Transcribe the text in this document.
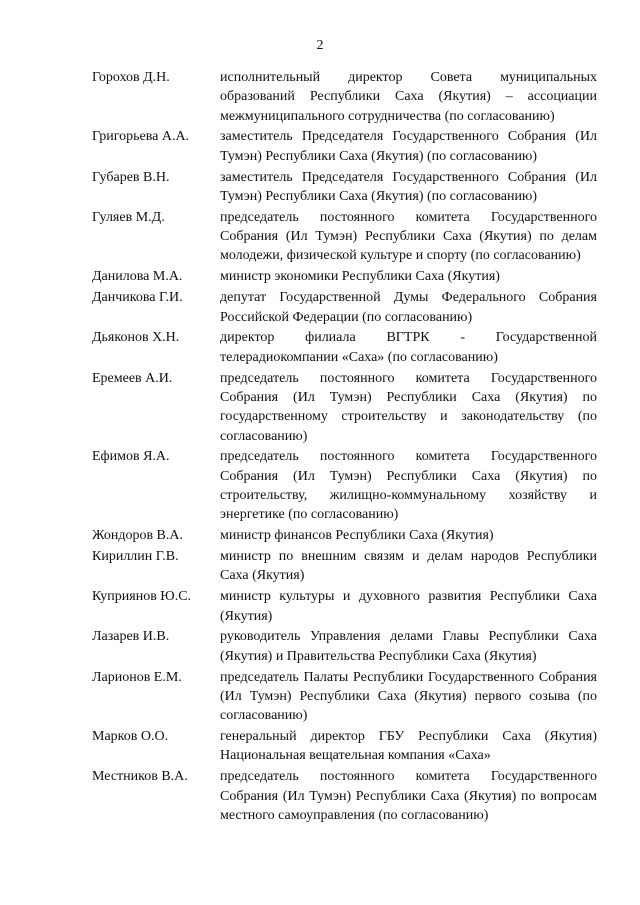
2
Горохов Д.Н.	исполнительный директор Совета муниципальных образований Республики Саха (Якутия) – ассоциации межмуниципального сотрудничества (по согласованию)
Григорьева А.А.	заместитель Председателя Государственного Собрания (Ил Тумэн) Республики Саха (Якутия) (по согласованию)
Губарев В.Н.	заместитель Председателя Государственного Собрания (Ил Тумэн) Республики Саха (Якутия) (по согласованию)
Гуляев М.Д.	председатель постоянного комитета Государственного Собрания (Ил Тумэн) Республики Саха (Якутия) по делам молодежи, физической культуре и спорту (по согласованию)
Данилова М.А.	министр экономики Республики Саха (Якутия)
Данчикова Г.И.	депутат Государственной Думы Федерального Собрания Российской Федерации (по согласованию)
Дьяконов Х.Н.	директор филиала ВГТРК - Государственной телерадиокомпании «Саха» (по согласованию)
Еремеев А.И.	председатель постоянного комитета Государственного Собрания (Ил Тумэн) Республики Саха (Якутия) по государственному строительству и законодательству (по согласованию)
Ефимов Я.А.	председатель постоянного комитета Государственного Собрания (Ил Тумэн) Республики Саха (Якутия) по строительству, жилищно-коммунальному хозяйству и энергетике (по согласованию)
Жондоров В.А.	министр финансов Республики Саха (Якутия)
Кириллин Г.В.	министр по внешним связям и делам народов Республики Саха (Якутия)
Куприянов Ю.С.	министр культуры и духовного развития Республики Саха (Якутия)
Лазарев И.В.	руководитель Управления делами Главы Республики Саха (Якутия) и Правительства Республики Саха (Якутия)
Ларионов Е.М.	председатель Палаты Республики Государственного Собрания (Ил Тумэн) Республики Саха (Якутия) первого созыва (по согласованию)
Марков О.О.	генеральный директор ГБУ Республики Саха (Якутия) Национальная вещательная компания «Саха»
Местников В.А.	председатель постоянного комитета Государственного Собрания (Ил Тумэн) Республики Саха (Якутия) по вопросам местного самоуправления (по согласованию)
